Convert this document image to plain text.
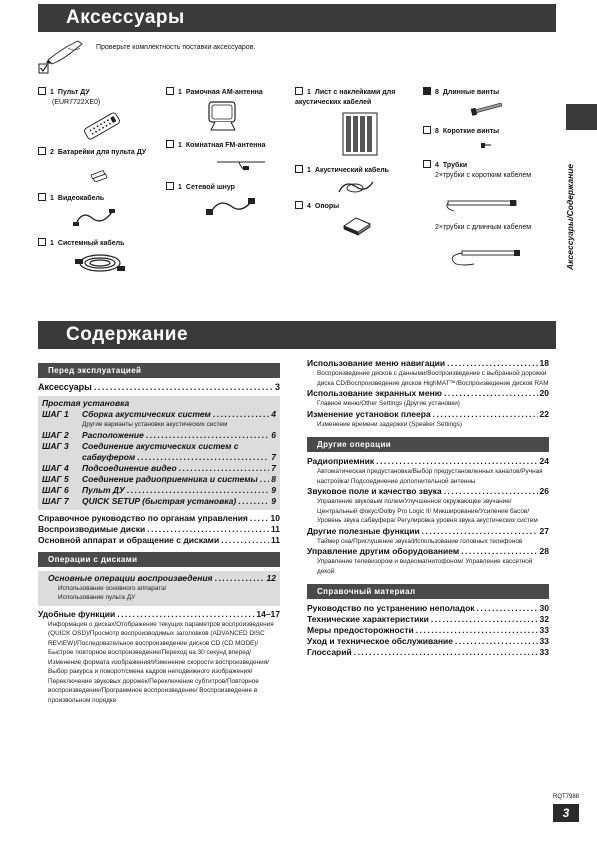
Аксессуары
Содержание
Аксессуары/Содержание
Проверьте комплектность поставки аксессуаров.
1 Пульт ДУ
(EUR7722XE0)
2 Батарейки для пульта ДУ
1 Видеокабель
1 Системный кабель
1 Рамочная AM-антенна
1 Комнатная FM-антенна
1 Сетевой шнур
1 Лист с наклейками для акустических кабелей
1 Акустический кабель
4 Опоры
8 Длинные винты
8 Короткие винты
4 Трубки
2×трубки с коротким кабелем
2×трубки с длинным кабелем
Перед эксплуатацией
Аксессуары .....	3
Простая установка
ШАГ 1	Сборка акустических систем .....	4
Другие варианты установки акустических систем
ШАГ 2	Расположение .....	6
ШАГ 3	Соединение акустических систем с
сабвуфером .....	7
ШАГ 4	Подсоединение видео .....	7
ШАГ 5	Соединение радиоприемника и системы ..... 8
ШАГ 6	Пульт ДУ .....	9
ШАГ 7	QUICK SETUP (быстрая установка) .....	9
Справочное руководство по органам управления .....	10
Воспроизводимые диски .....	11
Основной аппарат и обращение с дисками .....	11
Операции с дисками
Основные операции воспроизведения .....	12
Использование основного аппарата/ Использование пульта ДУ
Удобные функции .....	14–17
Информация о дисках/Отображение текущих параметров воспроизведения (QUICK OSD)/Просмотр воспроизводимых заголовков (ADVANCED DISC REVIEW)/Последовательное воспроизведение дисков CD (CD MODE)/Быстрое повторное воспроизведение/Переход на 30 секунд вперед/Изменение формата изображения/Изменение скорости воспроизведения/Выбор ракурса и поворот/смена кадров неподвижного изображения/Переключение звуковых дорожек/Переключение субтитров/Повторное воспроизведение/Программное воспроизведение/ Воспроизведение в произвольном порядке
Использование меню навигации .....	18
Воспроизведение дисков с данными/Воспроизведение с выбранной дорожки диска CD/Воспроизведение дисков HighMAT™/Воспроизведение дисков RAM
Использование экранных меню .....	20
Главное меню/Other Settings (Другие установки)
Изменение установок плеера .....	22
Изменение времени задержки (Speaker Settings)
Другие операции
Радиоприемник .....	24
Автоматическая предустановка/Выбор предустановленных каналов/Ручная настройка/ Подсоединение дополнительной антенны
Звуковое поле и качество звука .....	26
Управление звуковым полем/Улучшенное окружающее звучание/Центральный фокус/Dolby Pro Logic II/ Микширование/Усиление басов/Уровень звука сабвуфера/ Регулировка уровня звука акустических систем
Другие полезные функции .....	27
Таймер сна/Приглушение звука/Использование головных телефонов
Управление другим оборудованием .....	28
Управление телевизором и видеомагнитофоном/ Управление кассетной декой
Справочный материал
Руководство по устранению неполадок .....	30
Технические характеристики .....	32
Меры предосторожности .....	33
Уход и техническое обслуживание .....	33
Глоссарий .....	33
RQT7988
3
